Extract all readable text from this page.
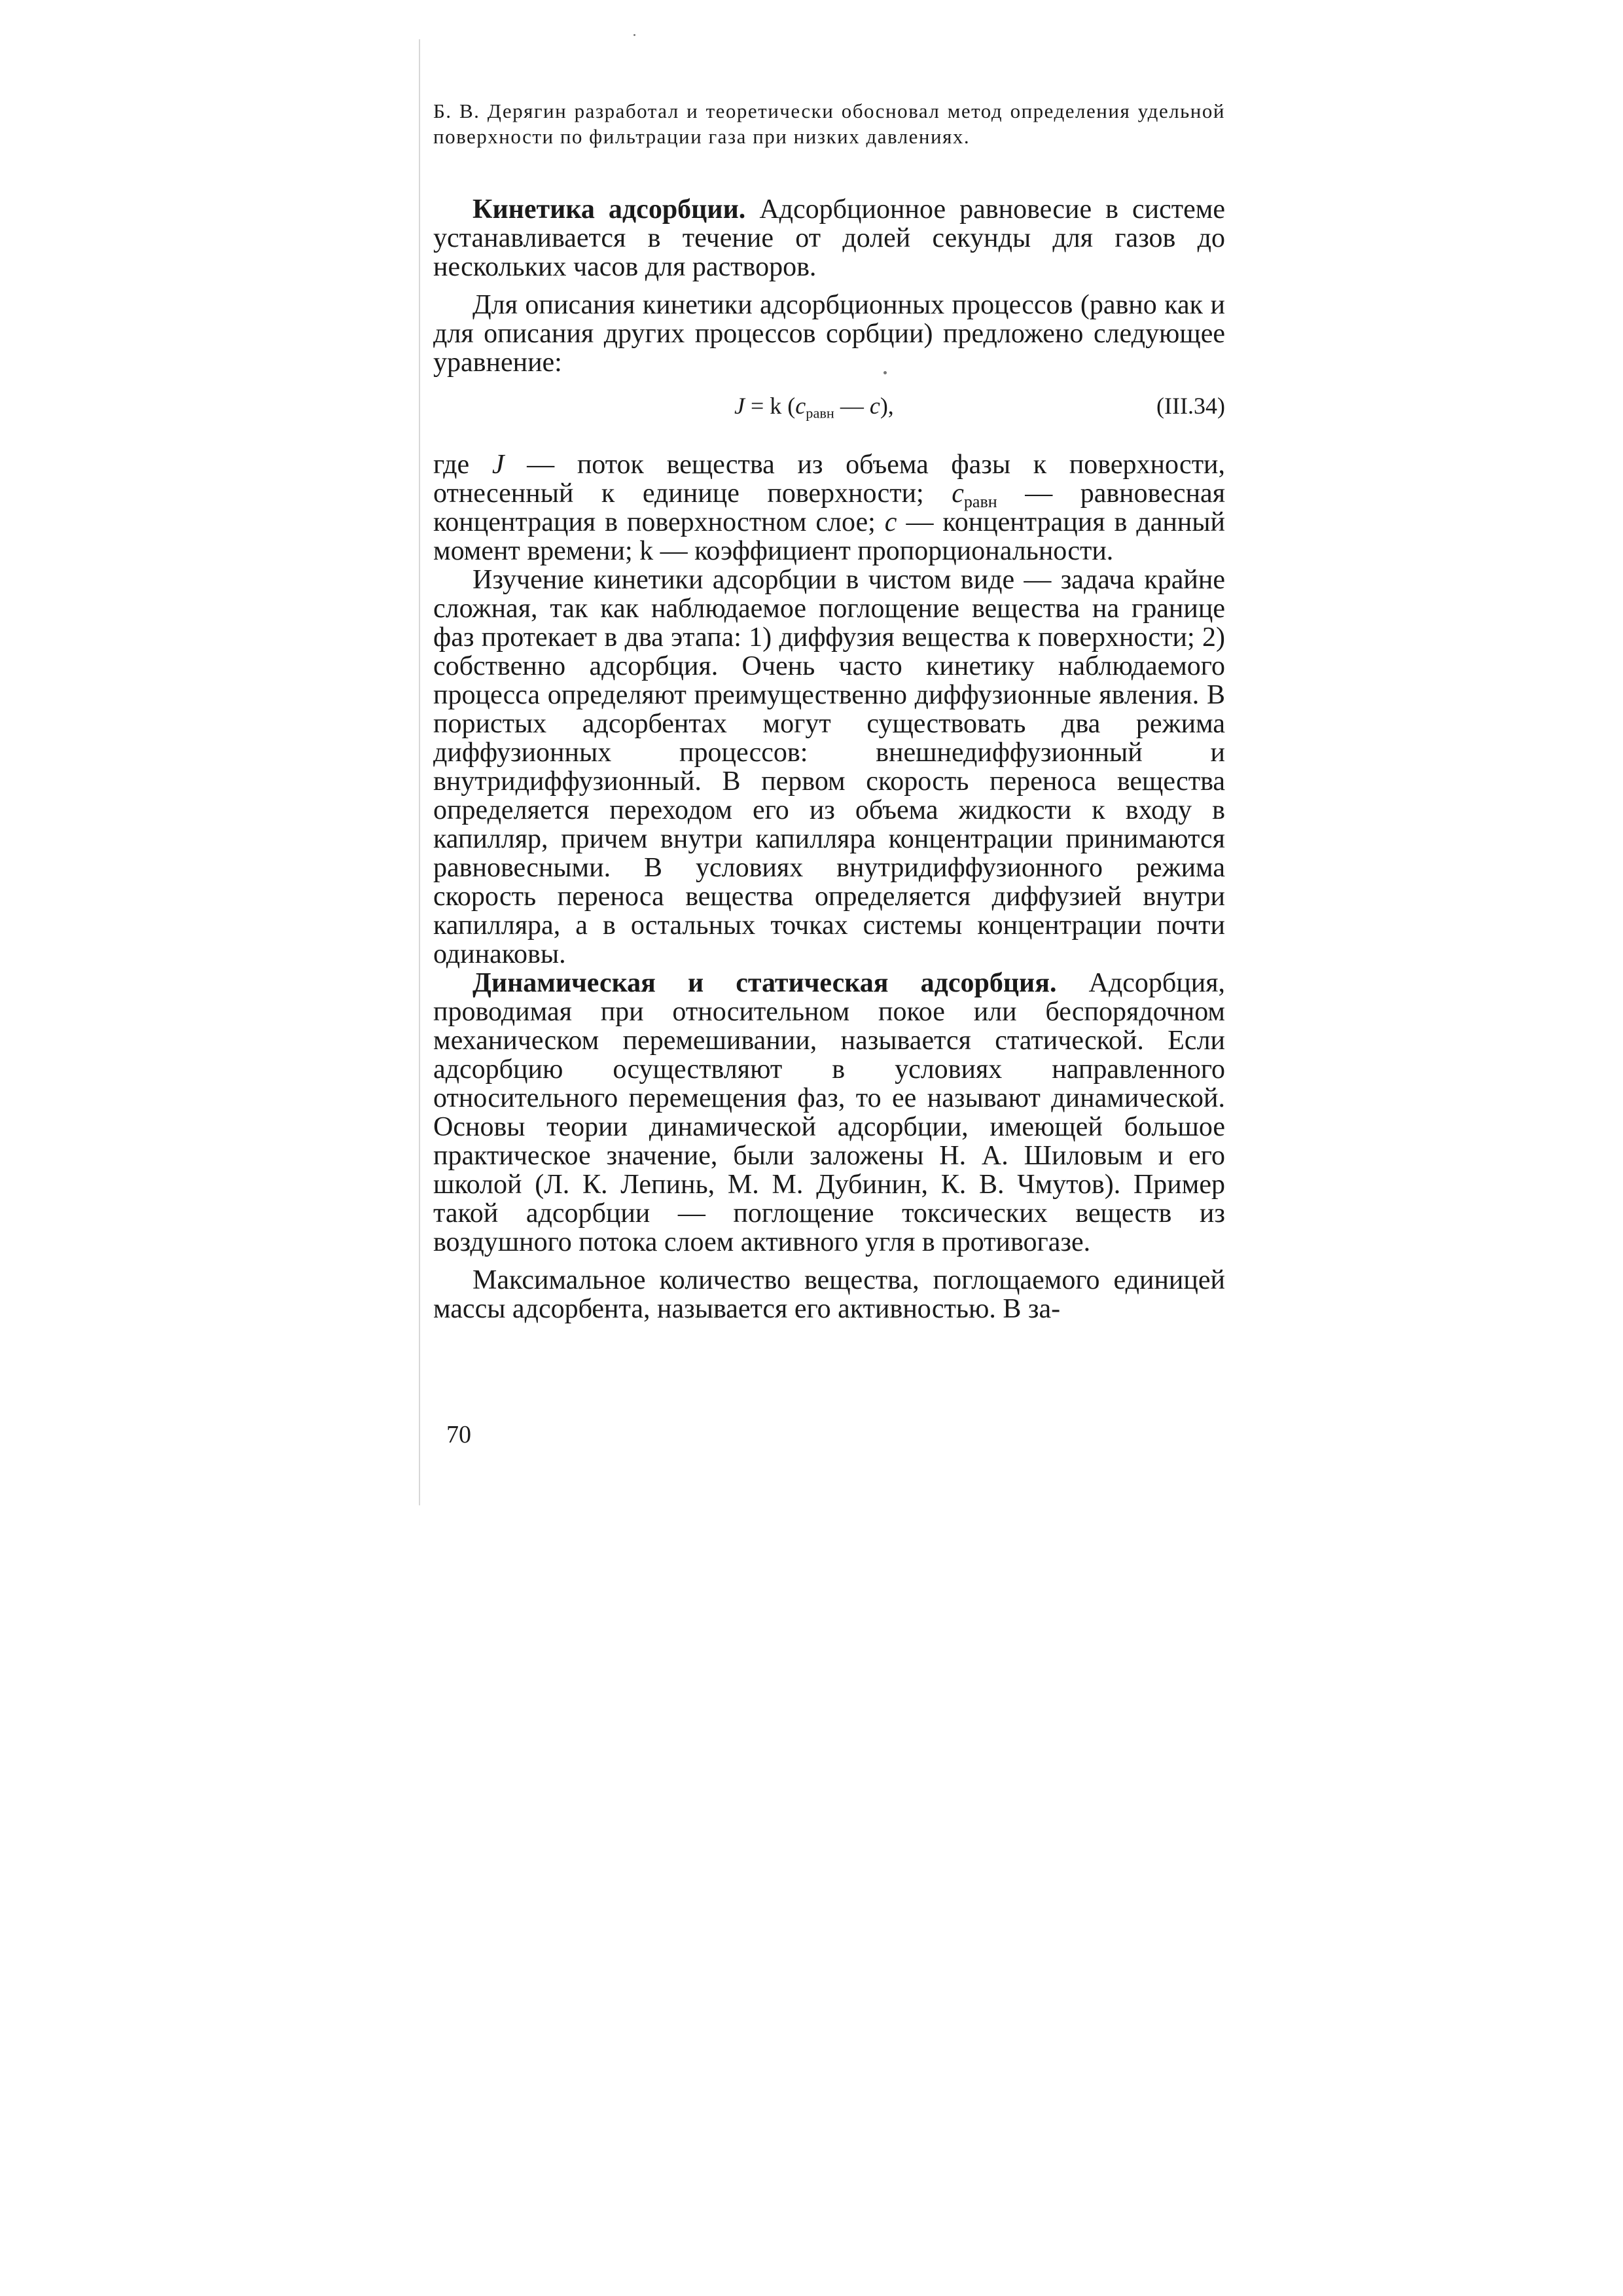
Б. В. Дерягин разработал и теоретически обосновал метод определения удельной поверхности по фильтрации газа при низких давлениях.

Кинетика адсорбции. Адсорбционное равновесие в системе устанавливается в течение от долей секунды для газов до нескольких часов для растворов.

Для описания кинетики адсорбционных процессов (равно как и для описания других процессов сорбции) предложено следующее уравнение:

J = k ($c_{равн}$ — c),	(III.34)

где J — поток вещества из объема фазы к поверхности, отнесенный к единице поверхности; $c_{равн}$ — равновесная концентрация в поверхностном слое; c — концентрация в данный момент времени; k — коэффициент пропорциональности.

Изучение кинетики адсорбции в чистом виде — задача крайне сложная, так как наблюдаемое поглощение вещества на границе фаз протекает в два этапа: 1) диффузия вещества к поверхности; 2) собственно адсорбция. Очень часто кинетику наблюдаемого процесса определяют преимущественно диффузионные явления. В пористых адсорбентах могут существовать два режима диффузионных процессов: внешнедиффузионный и внутридиффузионный. В первом скорость переноса вещества определяется переходом его из объема жидкости к входу в капилляр, причем внутри капилляра концентрации принимаются равновесными. В условиях внутридиффузионного режима скорость переноса вещества определяется диффузией внутри капилляра, а в остальных точках системы концентрации почти одинаковы.

Динамическая и статическая адсорбция. Адсорбция, проводимая при относительном покое или беспорядочном механическом перемешивании, называется статической. Если адсорбцию осуществляют в условиях направленного относительного перемещения фаз, то ее называют динамической. Основы теории динамической адсорбции, имеющей большое практическое значение, были заложены Н. А. Шиловым и его школой (Л. К. Лепинь, М. М. Дубинин, К. В. Чмутов). Пример такой адсорбции — поглощение токсических веществ из воздушного потока слоем активного угля в противогазе.

Максимальное количество вещества, поглощаемого единицей массы адсорбента, называется его активностью. В за-

70
